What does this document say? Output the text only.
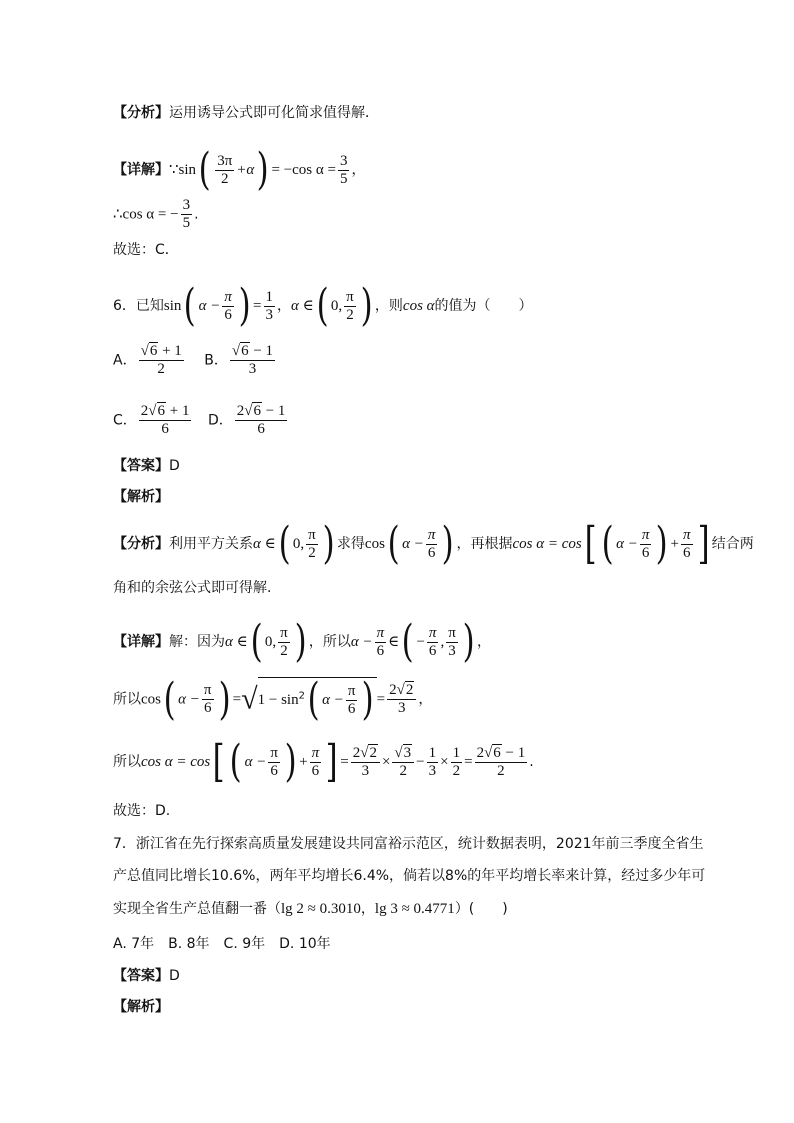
【分析】运用诱导公式即可化简求值得解．
【详解】∵sin( $\frac{3\pi}{2} +\alpha) = -\cos$ $\alpha = \frac{3}{5}$ ，
∴cos α = − $\frac{3}{5}$ .
故选：C．
6．已知sin( $\alpha - \frac{\pi}{6}$ ) = $\frac{1}{3}$ ，α ∈( 0, $\frac{\pi}{2}$ ) ，则cos α的值为（　　）
A． $\frac{√6 + 1}{2}$ B． $\frac{√6 - 1}{3}$
C． $\frac{2√6 + 1}{6}$ D． $\frac{2√6 - 1}{6}$
【答案】D
【解析】
【分析】利用平方关系α ∈( 0, $\frac{\pi}{2}$ ) 求得cos( $\alpha - \frac{\pi}{6}$ ) ，再根据cos α = cos[ ( $\alpha - \frac{\pi}{6}$ ) + $\frac{\pi}{6}$ ] 结合两
角和的余弦公式即可得解.
【详解】解：因为α ∈( 0, $\frac{\pi}{2}$ ) ，所以$\alpha - \frac{\pi}{6}$ ∈( − $\frac{\pi}{6}$ , $\frac{\pi}{3}$ ) ，
所以cos( $\alpha - \frac{\pi}{6}$ ) $=√1 - \sin^2$( $\alpha - \frac{\pi}{6}$ ) = $\frac{2√2}{3}$ ，
所以cos α = cos[ ( $\alpha - \frac{\pi}{6}$ ) + $\frac{\pi}{6}$ ] = $\frac{2√2}{3} \times \frac{√3}{2} - \frac{1}{3} \times \frac{1}{2} = \frac{2√6 - 1}{2}$ .
故选：D.
7．浙江省在先行探索高质量发展建设共同富裕示范区，统计数据表明，2021年前三季度全省生
产总值同比增长10.6%，两年平均增长6.4%，倘若以8%的年平均增长率来计算，经过多少年可
实现全省生产总值翻一番（lg 2 ≈ 0.3010，lg 3 ≈ 0.4771）(　　)
A. 7年　B. 8年　C. 9年　D. 10年
【答案】D
【解析】
